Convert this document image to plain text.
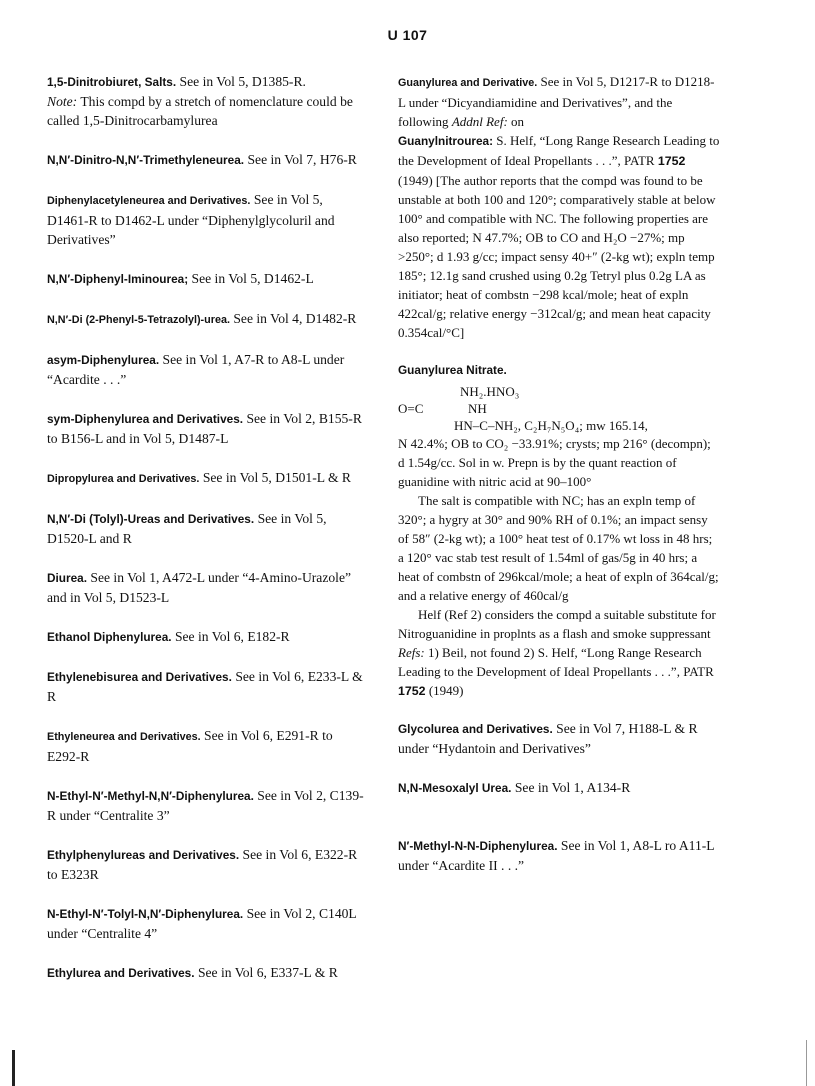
U 107

1,5-Dinitrobiuret, Salts. See in Vol 5, D1385-R.
Note: This compd by a stretch of nomenclature could be called 1,5-Dinitrocarbamylurea

N,N′-Dinitro-N,N′-Trimethyleneurea. See in Vol 7, H76-R

Diphenylacetyleneurea and Derivatives. See in Vol 5, D1461-R to D1462-L under “Diphenylglycoluril and Derivatives”

N,N′-Diphenyl-Iminourea; See in Vol 5, D1462-L

N,N′-Di (2-Phenyl-5-Tetrazolyl)-urea. See in Vol 4, D1482-R

asym-Diphenylurea. See in Vol 1, A7-R to A8-L under “Acardite . . .”

sym-Diphenylurea and Derivatives. See in Vol 2, B155-R to B156-L and in Vol 5, D1487-L

Dipropylurea and Derivatives. See in Vol 5, D1501-L & R

N,N′-Di (Tolyl)-Ureas and Derivatives. See in Vol 5, D1520-L and R

Diurea. See in Vol 1, A472-L under “4-Amino-Urazole” and in Vol 5, D1523-L

Ethanol Diphenylurea. See in Vol 6, E182-R

Ethylenebisurea and Derivatives. See in Vol 6, E233-L & R

Ethyleneurea and Derivatives. See in Vol 6, E291-R to E292-R

N-Ethyl-N′-Methyl-N,N′-Diphenylurea. See in Vol 2, C139-R under “Centralite 3”

Ethylphenylureas and Derivatives. See in Vol 6, E322-R to E323R

N-Ethyl-N′-Tolyl-N,N′-Diphenylurea. See in Vol 2, C140L under “Centralite 4”

Ethylurea and Derivatives. See in Vol 6, E337-L & R

Guanylurea and Derivative. See in Vol 5, D1217-R to D1218-L under “Dicyandiamidine and Derivatives”, and the following Addnl Ref: on
Guanylnitrourea: S. Helf, “Long Range Research Leading to the Development of Ideal Propellants . . .”, PATR 1752 (1949) [The author reports that the compd was found to be unstable at both 100 and 120°; comparatively stable at below 100° and compatible with NC. The following properties are also reported; N 47.7%; OB to CO and H₂O −27%; mp >250°; d 1.93 g/cc; impact sensy 40+″ (2-kg wt); expln temp 185°; 12.1g sand crushed using 0.2g Tetryl plus 0.2g LA as initiator; heat of combstn −298 kcal/mole; heat of expln 422cal/g; relative energy −312cal/g; and mean heat capacity 0.354cal/°C]

Guanylurea Nitrate.

NH₂.HNO₃
O=C	NH
HN–C–NH₂, C₂H₇N₅O₄; mw 165.14,

N 42.4%; OB to CO₂ −33.91%; crysts; mp 216° (decompn); d 1.54g/cc. Sol in w. Prepn is by the quant reaction of guanidine with nitric acid at 90–100°

The salt is compatible with NC; has an expln temp of 320°; a hygry at 30° and 90% RH of 0.1%; an impact sensy of 58″ (2-kg wt); a 100° heat test of 0.17% wt loss in 48 hrs; a 120° vac stab test result of 1.54ml of gas/5g in 40 hrs; a heat of combstn of 296kcal/mole; a heat of expln of 364cal/g; and a relative energy of 460cal/g

Helf (Ref 2) considers the compd a suitable substitute for Nitroguanidine in proplnts as a flash and smoke suppressant

Refs: 1) Beil, not found 2) S. Helf, “Long Range Research Leading to the Development of Ideal Propellants . . .”, PATR 1752 (1949)

Glycolurea and Derivatives. See in Vol 7, H188-L & R under “Hydantoin and Derivatives”

N,N-Mesoxalyl Urea. See in Vol 1, A134-R

N′-Methyl-N-N-Diphenylurea. See in Vol 1, A8-L ro A11-L under “Acardite II . . .”
